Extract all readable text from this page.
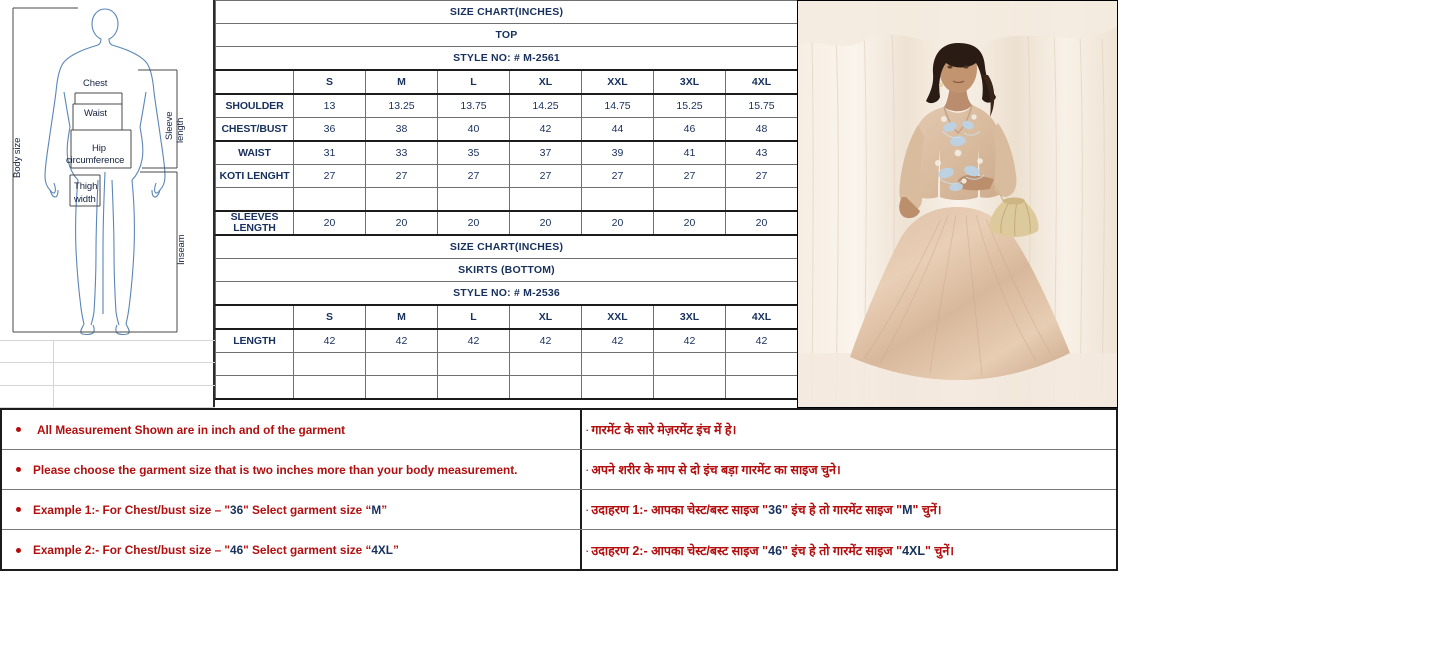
Body size
Chest
Waist
Hip
circumference
Thigh
width
Sleeve length
Inseam
SIZE CHART(INCHES)							
TOP							
STYLE NO: # M-2561							
	S	M	L	XL	XXL	3XL	4XL
SHOULDER	13	13.25	13.75	14.25	14.75	15.25	15.75
CHEST/BUST	36	38	40	42	44	46	48
WAIST	31	33	35	37	39	41	43
KOTI LENGHT	27	27	27	27	27	27	27

SLEEVES
LENGTH	20	20	20	20	20	20	20
SIZE CHART(INCHES)							
SKIRTS (BOTTOM)							
STYLE NO: # M-2536							
	S	M	L	XL	XXL	3XL	4XL
LENGTH	42	42	42	42	42	42	42

All Measurement Shown are in inch and of the garment	· गारमेंट के सारे मेज़रमेंट इंच में हे।
Please choose the garment size that is two inches more than your body measurement.	· अपने शरीर के माप से दो इंच बड़ा गारमेंट का साइज चुने।
Example 1:- For Chest/bust size – "36" Select garment size “M”	· उदाहरण 1:- आपका चेस्ट/बस्ट साइज "36" इंच हे तो गारमेंट साइज "M" चुनें।
Example 2:- For Chest/bust size – "46" Select garment size “4XL”	· उदाहरण 2:- आपका चेस्ट/बस्ट साइज "46" इंच हे तो गारमेंट साइज "4XL" चुनें।
